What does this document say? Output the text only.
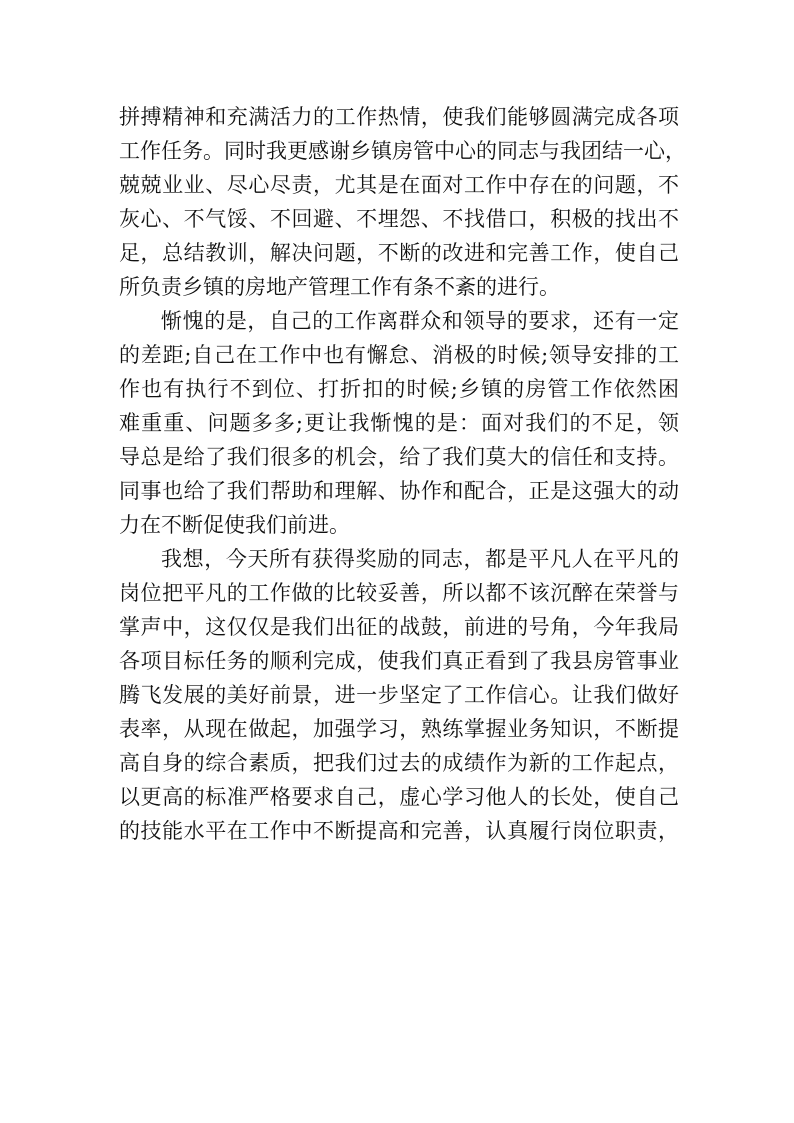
拼搏精神和充满活力的工作热情，使我们能够圆满完成各项
工作任务。同时我更感谢乡镇房管中心的同志与我团结一心，
兢兢业业、尽心尽责，尤其是在面对工作中存在的问题，不
灰心、不气馁、不回避、不埋怨、不找借口，积极的找出不
足，总结教训，解决问题，不断的改进和完善工作，使自己
所负责乡镇的房地产管理工作有条不紊的进行。
惭愧的是，自己的工作离群众和领导的要求，还有一定
的差距;自己在工作中也有懈怠、消极的时候;领导安排的工
作也有执行不到位、打折扣的时候;乡镇的房管工作依然困
难重重、问题多多;更让我惭愧的是：面对我们的不足，领
导总是给了我们很多的机会，给了我们莫大的信任和支持。
同事也给了我们帮助和理解、协作和配合，正是这强大的动
力在不断促使我们前进。
我想，今天所有获得奖励的同志，都是平凡人在平凡的
岗位把平凡的工作做的比较妥善，所以都不该沉醉在荣誉与
掌声中，这仅仅是我们出征的战鼓，前进的号角，今年我局
各项目标任务的顺利完成，使我们真正看到了我县房管事业
腾飞发展的美好前景，进一步坚定了工作信心。让我们做好
表率，从现在做起，加强学习，熟练掌握业务知识，不断提
高自身的综合素质，把我们过去的成绩作为新的工作起点，
以更高的标准严格要求自己，虚心学习他人的长处，使自己
的技能水平在工作中不断提高和完善，认真履行岗位职责，
